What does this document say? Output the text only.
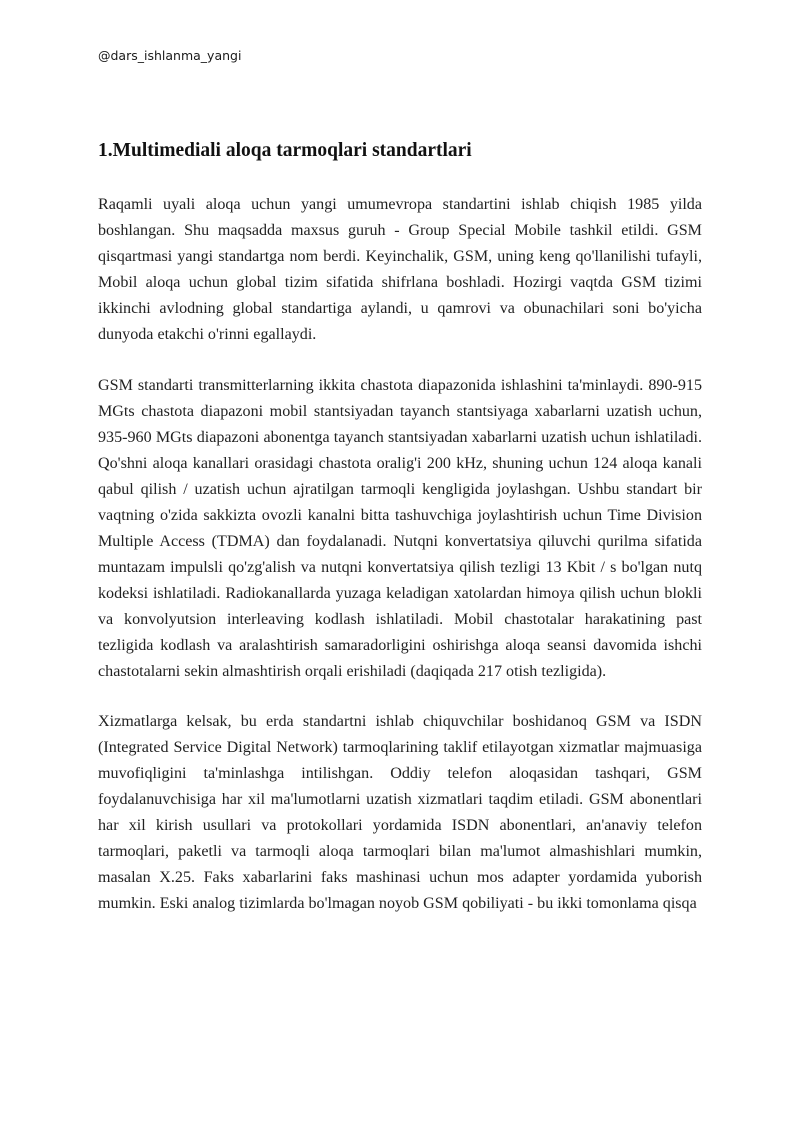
@dars_ishlanma_yangi
1.Multimediali aloqa tarmoqlari standartlari

Raqamli uyali aloqa uchun yangi umumevropa standartini ishlab chiqish 1985 yilda boshlangan. Shu maqsadda maxsus guruh - Group Special Mobile tashkil etildi. GSM qisqartmasi yangi standartga nom berdi. Keyinchalik, GSM, uning keng qo'llanilishi tufayli, Mobil aloqa uchun global tizim sifatida shifrlana boshladi. Hozirgi vaqtda GSM tizimi ikkinchi avlodning global standartiga aylandi, u qamrovi va obunachilari soni bo'yicha dunyoda etakchi o'rinni egallaydi.

GSM standarti transmitterlarning ikkita chastota diapazonida ishlashini ta'minlaydi. 890-915 MGts chastota diapazoni mobil stantsiyadan tayanch stantsiyaga xabarlarni uzatish uchun, 935-960 MGts diapazoni abonentga tayanch stantsiyadan xabarlarni uzatish uchun ishlatiladi. Qo'shni aloqa kanallari orasidagi chastota oralig'i 200 kHz, shuning uchun 124 aloqa kanali qabul qilish / uzatish uchun ajratilgan tarmoqli kengligida joylashgan. Ushbu standart bir vaqtning o'zida sakkizta ovozli kanalni bitta tashuvchiga joylashtirish uchun Time Division Multiple Access (TDMA) dan foydalanadi. Nutqni konvertatsiya qiluvchi qurilma sifatida muntazam impulsli qo'zg'alish va nutqni konvertatsiya qilish tezligi 13 Kbit / s bo'lgan nutq kodeksi ishlatiladi. Radiokanallarda yuzaga keladigan xatolardan himoya qilish uchun blokli va konvolyutsion interleaving kodlash ishlatiladi. Mobil chastotalar harakatining past tezligida kodlash va aralashtirish samaradorligini oshirishga aloqa seansi davomida ishchi chastotalarni sekin almashtirish orqali erishiladi (daqiqada 217 otish tezligida).

Xizmatlarga kelsak, bu erda standartni ishlab chiquvchilar boshidanoq GSM va ISDN (Integrated Service Digital Network) tarmoqlarining taklif etilayotgan xizmatlar majmuasiga muvofiqligini ta'minlashga intilishgan. Oddiy telefon aloqasidan tashqari, GSM foydalanuvchisiga har xil ma'lumotlarni uzatish xizmatlari taqdim etiladi. GSM abonentlari har xil kirish usullari va protokollari yordamida ISDN abonentlari, an'anaviy telefon tarmoqlari, paketli va tarmoqli aloqa tarmoqlari bilan ma'lumot almashishlari mumkin, masalan X.25. Faks xabarlarini faks mashinasi uchun mos adapter yordamida yuborish mumkin. Eski analog tizimlarda bo'lmagan noyob GSM qobiliyati - bu ikki tomonlama qisqa
